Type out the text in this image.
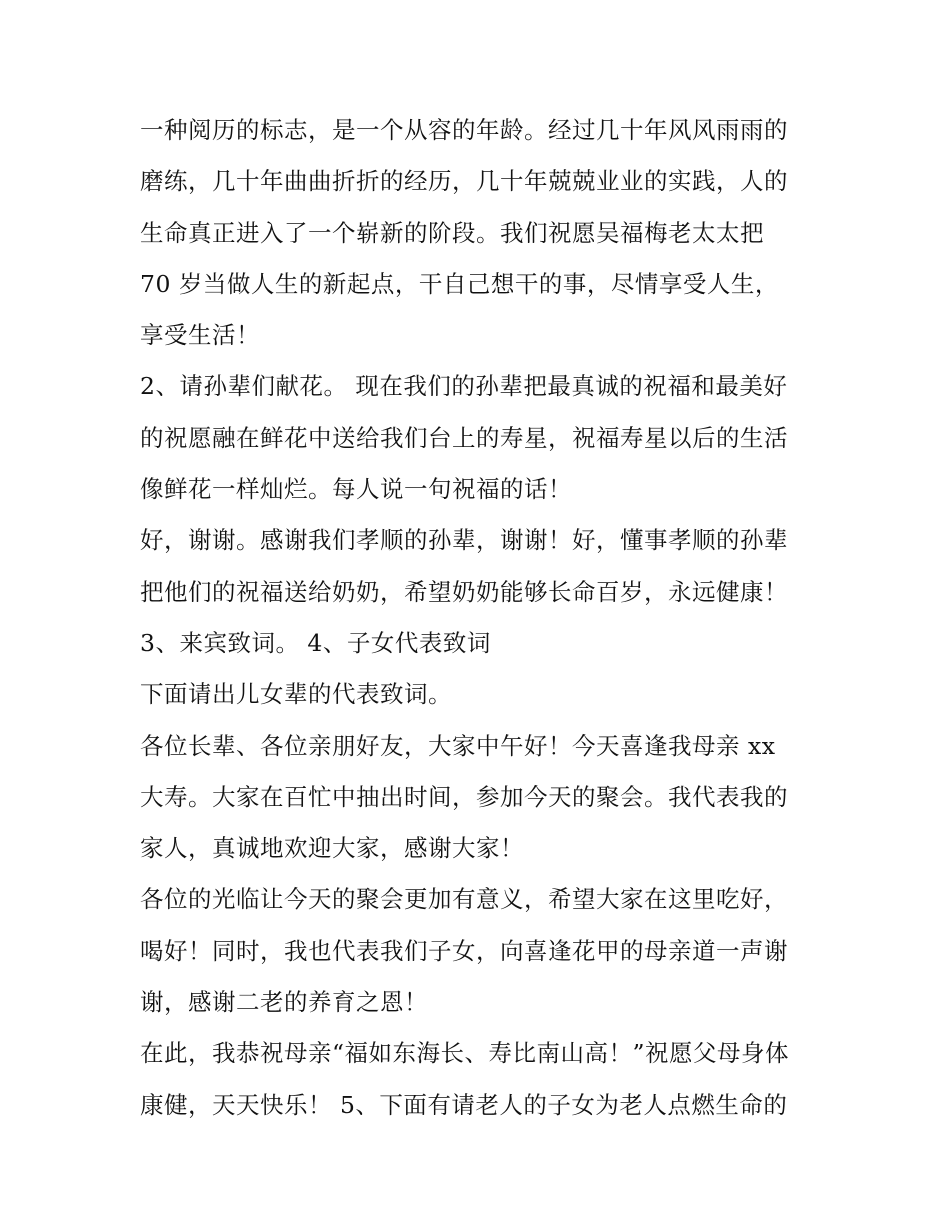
一种阅历的标志，是一个从容的年龄。经过几十年风风雨雨的
磨练，几十年曲曲折折的经历，几十年兢兢业业的实践，人的
生命真正进入了一个崭新的阶段。我们祝愿吴福梅老太太把
70 岁当做人生的新起点，干自己想干的事，尽情享受人生，
享受生活！
2、请孙辈们献花。 现在我们的孙辈把最真诚的祝福和最美好
的祝愿融在鲜花中送给我们台上的寿星，祝福寿星以后的生活
像鲜花一样灿烂。每人说一句祝福的话！
好，谢谢。感谢我们孝顺的孙辈，谢谢！好，懂事孝顺的孙辈
把他们的祝福送给奶奶，希望奶奶能够长命百岁，永远健康！
3、来宾致词。 4、子女代表致词
下面请出儿女辈的代表致词。
各位长辈、各位亲朋好友，大家中午好！今天喜逢我母亲 xx
大寿。大家在百忙中抽出时间，参加今天的聚会。我代表我的
家人，真诚地欢迎大家，感谢大家！
各位的光临让今天的聚会更加有意义，希望大家在这里吃好，
喝好！同时，我也代表我们子女，向喜逢花甲的母亲道一声谢
谢，感谢二老的养育之恩！
在此，我恭祝母亲“福如东海长、寿比南山高！”祝愿父母身体
康健，天天快乐！ 5、下面有请老人的子女为老人点燃生命的
